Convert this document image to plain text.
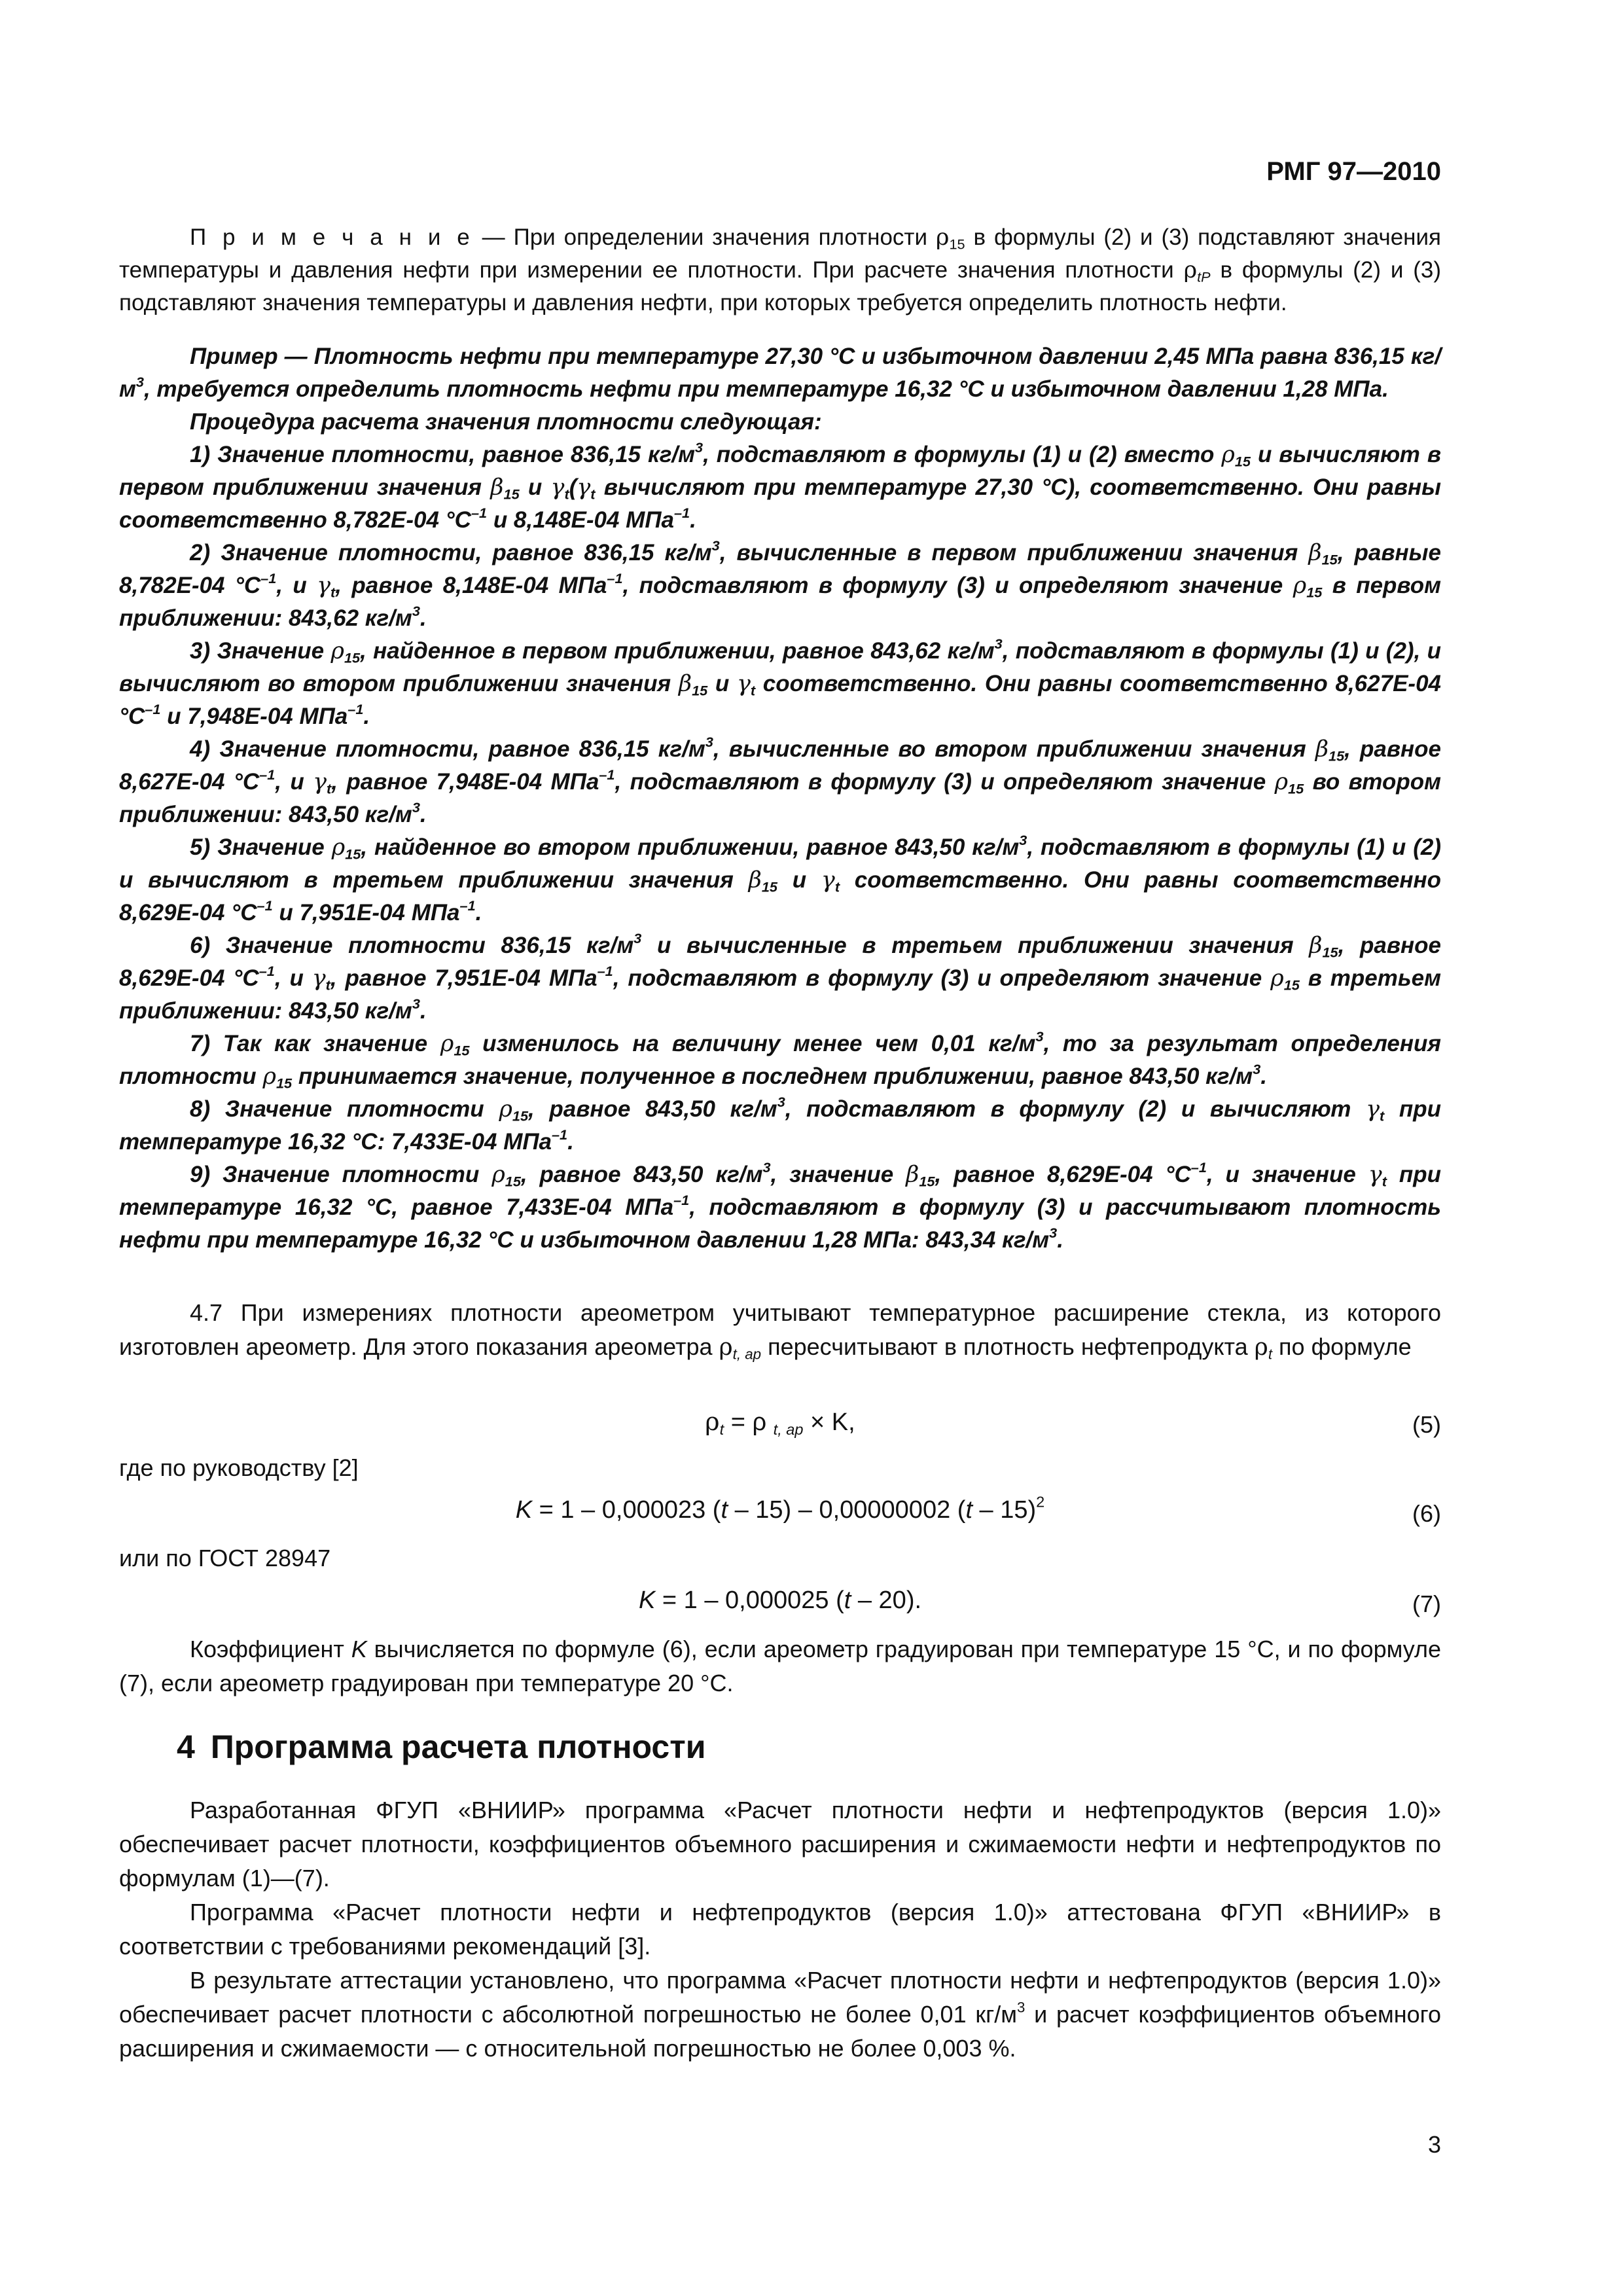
РМГ 97—2010

П р и м е ч а н и е — При определении значения плотности $\rho_{15}$ в формулы (2) и (3) подставляют значения температуры и давления нефти при измерении ее плотности. При расчете значения плотности $\rho_{tP}$ в формулы (2) и (3) подставляют значения температуры и давления нефти, при которых требуется определить плотность нефти.

Пример — Плотность нефти при температуре 27,30 °С и избыточном давлении 2,45 МПа равна 836,15 $кг/м^3$, требуется определить плотность нефти при температуре 16,32 °С и избыточном давлении 1,28 МПа.

Процедура расчета значения плотности следующая:

1) Значение плотности, равное 836,15 $кг/м^3$, подставляют в формулы (1) и (2) вместо $\rho_{15}$ и вычисляют в первом приближении значения $\beta_{15}$ и $\gamma_t(\gamma_t$ вычисляют при температуре 27,30 °С), соответственно. Они равны соответственно 8,782Е-04 $^\circ С^{-1}$ и 8,148Е-04 МПа$^{-1}$.

2) Значение плотности, равное 836,15 $кг/м^3$, вычисленные в первом приближении значения $\beta_{15}$, равные 8,782Е-04 $^\circ С^{-1}$, и $\gamma_t$, равное 8,148Е-04 МПа$^{-1}$, подставляют в формулу (3) и определяют значение $\rho_{15}$ в первом приближении: 843,62 $кг/м^3$.

3) Значение $\rho_{15}$, найденное в первом приближении, равное 843,62 $кг/м^3$, подставляют в формулы (1) и (2), и вычисляют во втором приближении значения $\beta_{15}$ и $\gamma_t$ соответственно. Они равны соответственно 8,627Е-04 $^\circ С^{-1}$ и 7,948Е-04 МПа$^{-1}$.

4) Значение плотности, равное 836,15 $кг/м^3$, вычисленные во втором приближении значения $\beta_{15}$, равное 8,627Е-04 $^\circ С^{-1}$, и $\gamma_t$, равное 7,948Е-04 МПа$^{-1}$, подставляют в формулу (3) и определяют значение $\rho_{15}$ во втором приближении: 843,50 $кг/м^3$.

5) Значение $\rho_{15}$, найденное во втором приближении, равное 843,50 $кг/м^3$, подставляют в формулы (1) и (2) и вычисляют в третьем приближении значения $\beta_{15}$ и $\gamma_t$ соответственно. Они равны соответственно 8,629Е-04 $^\circ С^{-1}$ и 7,951Е-04 МПа$^{-1}$.

6) Значение плотности 836,15 $кг/м^3$ и вычисленные в третьем приближении значения $\beta_{15}$, равное 8,629Е-04 $^\circ С^{-1}$, и $\gamma_t$, равное 7,951Е-04 МПа$^{-1}$, подставляют в формулу (3) и определяют значение $\rho_{15}$ в третьем приближении: 843,50 $кг/м^3$.

7) Так как значение $\rho_{15}$ изменилось на величину менее чем 0,01 $кг/м^3$, то за результат определения плотности $\rho_{15}$ принимается значение, полученное в последнем приближении, равное 843,50 $кг/м^3$.

8) Значение плотности $\rho_{15}$, равное 843,50 $кг/м^3$, подставляют в формулу (2) и вычисляют $\gamma_t$ при температуре 16,32 °С: 7,433Е-04 МПа$^{-1}$.

9) Значение плотности $\rho_{15}$, равное 843,50 $кг/м^3$, значение $\beta_{15}$, равное 8,629Е-04 $^\circ С^{-1}$, и значение $\gamma_t$ при температуре 16,32 °С, равное 7,433Е-04 МПа$^{-1}$, подставляют в формулу (3) и рассчитывают плотность нефти при температуре 16,32 °С и избыточном давлении 1,28 МПа: 843,34 $кг/м^3$.

4.7 При измерениях плотности ареометром учитывают температурное расширение стекла, из которого изготовлен ареометр. Для этого показания ареометра $\rho_{t, ар}$ пересчитывают в плотность нефтепродукта $\rho_t$ по формуле

$\rho_t = \rho$ $_{t, ар}$ × K,	(5)
где по руководству [2]
K = 1 – 0,000023 (t – 15) – 0,00000002 (t – 15)$^2$	(6)
или по ГОСТ 28947
K = 1 – 0,000025 (t – 20).	(7)

Коэффициент K вычисляется по формуле (6), если ареометр градуирован при температуре 15 °С, и по формуле (7), если ареометр градуирован при температуре 20 °С.

4 Программа расчета плотности

Разработанная ФГУП «ВНИИР» программа «Расчет плотности нефти и нефтепродуктов (версия 1.0)» обеспечивает расчет плотности, коэффициентов объемного расширения и сжимаемости нефти и нефтепродуктов по формулам (1)—(7).

Программа «Расчет плотности нефти и нефтепродуктов (версия 1.0)» аттестована ФГУП «ВНИИР» в соответствии с требованиями рекомендаций [3].

В результате аттестации установлено, что программа «Расчет плотности нефти и нефтепродуктов (версия 1.0)» обеспечивает расчет плотности с абсолютной погрешностью не более 0,01 $кг/м^3$ и расчет коэффициентов объемного расширения и сжимаемости — с относительной погрешностью не более 0,003 %.

3
